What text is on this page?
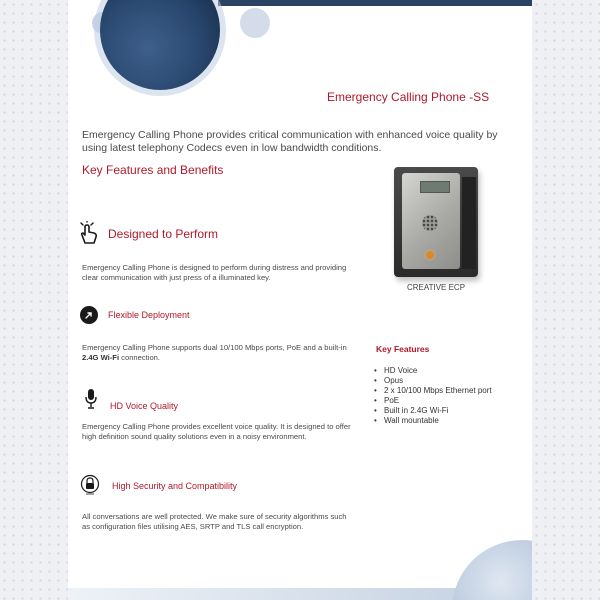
Emergency Calling Phone -SS

Emergency Calling Phone provides critical communication with enhanced voice quality by using latest telephony Codecs even in low bandwidth conditions.

Key Features and Benefits
CREATIVE ECP
Designed to Perform

Emergency Calling Phone is designed to perform during distress and providing clear communication with just press of a illuminated key.

Flexible Deployment

Emergency Calling Phone supports dual 10/100 Mbps ports, PoE and a built-in 2.4G Wi-Fi connection.

HD Voice Quality

Emergency Calling Phone provides excellent voice quality. It is designed to offer high definition sound quality solutions even in a noisy environment.

High Security and Compatibility

All conversations are well protected. We make sure of security algorithms such as configuration files utilising AES, SRTP and TLS call encryption.

Key Features
• HD Voice
• Opus
• 2 x 10/100 Mbps Ethernet port
• PoE
• Built in 2.4G Wi-Fi
• Wall mountable
